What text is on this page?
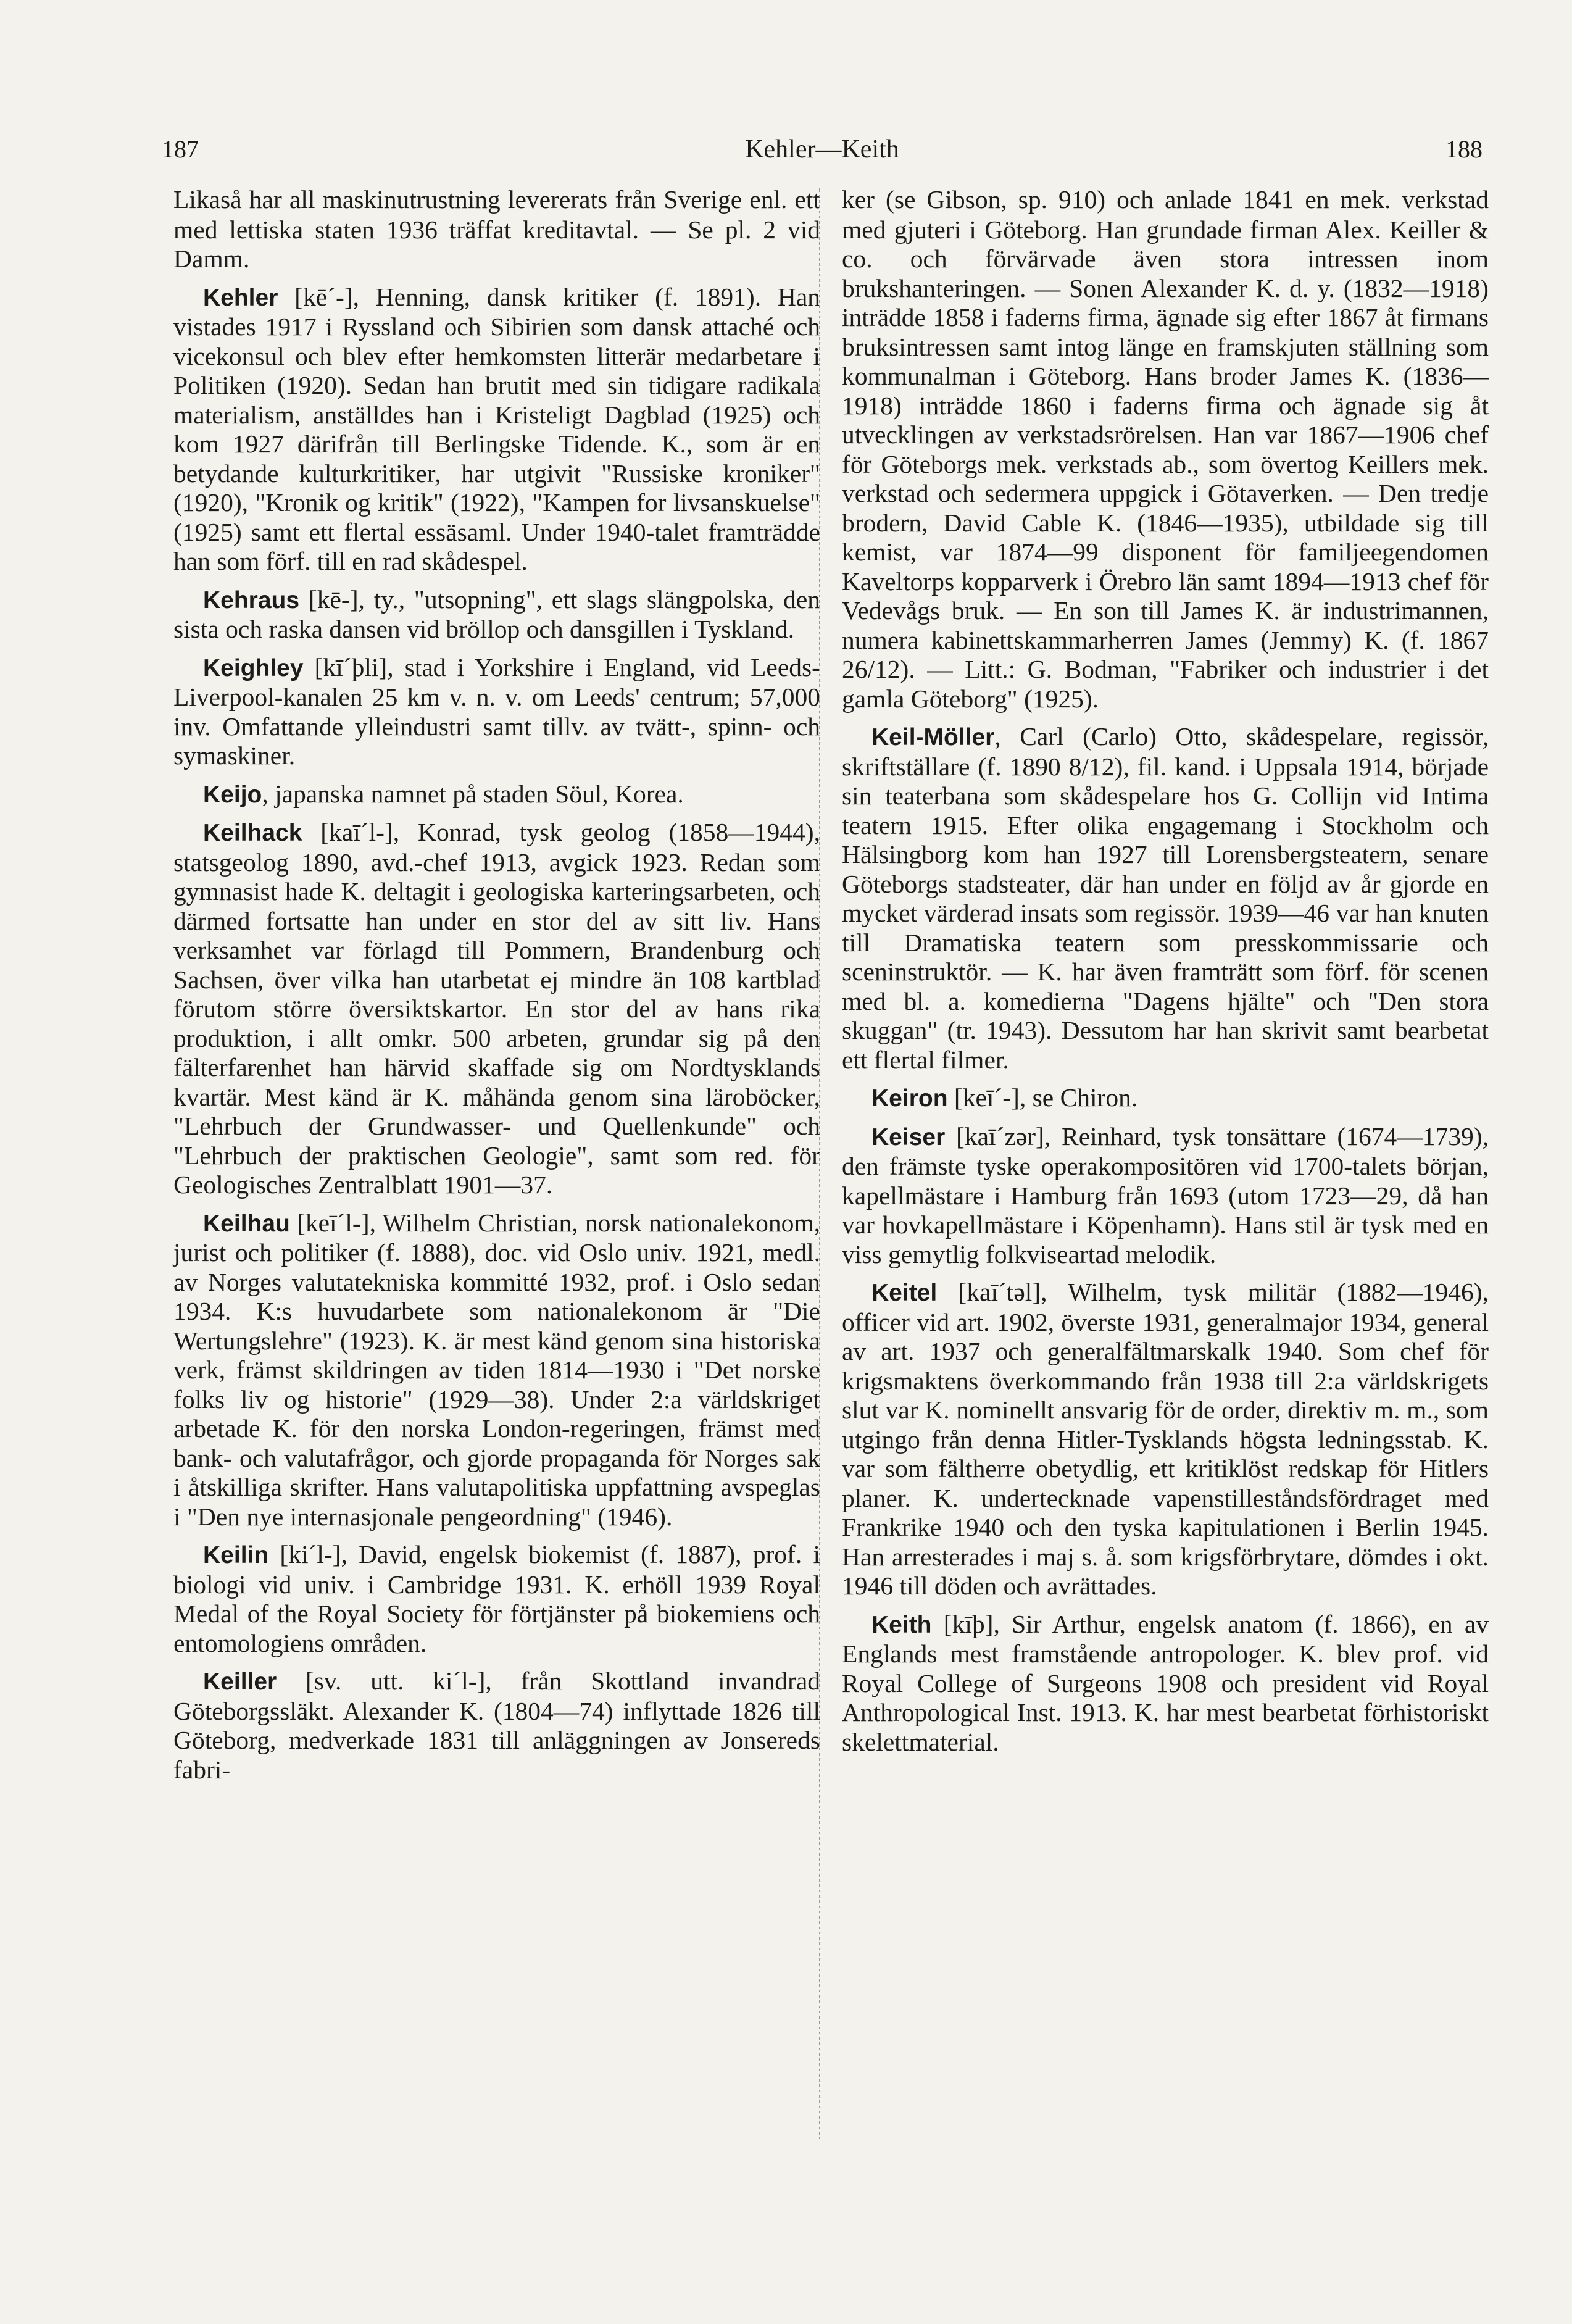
187	Kehler—Keith	188

Likaså har all maskinutrustning levererats från Sverige enl. ett med lettiska staten 1936 träffat kreditavtal. — Se pl. 2 vid Damm.

Kehler [kē´-], Henning, dansk kritiker (f. 1891). Han vistades 1917 i Ryssland och Sibirien som dansk attaché och vicekonsul och blev efter hemkomsten litterär medarbetare i Politiken (1920). Sedan han brutit med sin tidigare radikala materialism, anställdes han i Kristeligt Dagblad (1925) och kom 1927 därifrån till Berlingske Tidende. K., som är en betydande kulturkritiker, har utgivit "Russiske kroniker" (1920), "Kronik og kritik" (1922), "Kampen for livsanskuelse" (1925) samt ett flertal essäsaml. Under 1940-talet framträdde han som förf. till en rad skådespel.

Kehraus [kē-], ty., "utsopning", ett slags slängpolska, den sista och raska dansen vid bröllop och dansgillen i Tyskland.

Keighley [kī´þli], stad i Yorkshire i England, vid Leeds-Liverpool-kanalen 25 km v. n. v. om Leeds' centrum; 57,000 inv. Omfattande ylleindustri samt tillv. av tvätt-, spinn- och symaskiner.

Keijo, japanska namnet på staden Söul, Korea.

Keilhack [kaī´l-], Konrad, tysk geolog (1858—1944), statsgeolog 1890, avd.-chef 1913, avgick 1923. Redan som gymnasist hade K. deltagit i geologiska karteringsarbeten, och därmed fortsatte han under en stor del av sitt liv. Hans verksamhet var förlagd till Pommern, Brandenburg och Sachsen, över vilka han utarbetat ej mindre än 108 kartblad förutom större översiktskartor. En stor del av hans rika produktion, i allt omkr. 500 arbeten, grundar sig på den fälterfarenhet han härvid skaffade sig om Nordtysklands kvartär. Mest känd är K. måhända genom sina läroböcker, "Lehrbuch der Grundwasser- und Quellenkunde" och "Lehrbuch der praktischen Geologie", samt som red. för Geologisches Zentralblatt 1901—37.

Keilhau [keī´l-], Wilhelm Christian, norsk nationalekonom, jurist och politiker (f. 1888), doc. vid Oslo univ. 1921, medl. av Norges valutatekniska kommitté 1932, prof. i Oslo sedan 1934. K:s huvudarbete som nationalekonom är "Die Wertungslehre" (1923). K. är mest känd genom sina historiska verk, främst skildringen av tiden 1814—1930 i "Det norske folks liv og historie" (1929—38). Under 2:a världskriget arbetade K. för den norska London-regeringen, främst med bank- och valutafrågor, och gjorde propaganda för Norges sak i åtskilliga skrifter. Hans valutapolitiska uppfattning avspeglas i "Den nye internasjonale pengeordning" (1946).

Keilin [ki´l-], David, engelsk biokemist (f. 1887), prof. i biologi vid univ. i Cambridge 1931. K. erhöll 1939 Royal Medal of the Royal Society för förtjänster på biokemiens och entomologiens områden.

Keiller [sv. utt. ki´l-], från Skottland invandrad Göteborgssläkt. Alexander K. (1804—74) inflyttade 1826 till Göteborg, medverkade 1831 till anläggningen av Jonsereds fabri-

ker (se Gibson, sp. 910) och anlade 1841 en mek. verkstad med gjuteri i Göteborg. Han grundade firman Alex. Keiller & co. och förvärvade även stora intressen inom brukshanteringen. — Sonen Alexander K. d. y. (1832—1918) inträdde 1858 i faderns firma, ägnade sig efter 1867 åt firmans bruksintressen samt intog länge en framskjuten ställning som kommunalman i Göteborg. Hans broder James K. (1836—1918) inträdde 1860 i faderns firma och ägnade sig åt utvecklingen av verkstadsrörelsen. Han var 1867—1906 chef för Göteborgs mek. verkstads ab., som övertog Keillers mek. verkstad och sedermera uppgick i Götaverken. — Den tredje brodern, David Cable K. (1846—1935), utbildade sig till kemist, var 1874—99 disponent för familjeegendomen Kaveltorps kopparverk i Örebro län samt 1894—1913 chef för Vedevågs bruk. — En son till James K. är industrimannen, numera kabinettskammarherren James (Jemmy) K. (f. 1867 26/12). — Litt.: G. Bodman, "Fabriker och industrier i det gamla Göteborg" (1925).

Keil-Möller, Carl (Carlo) Otto, skådespelare, regissör, skriftställare (f. 1890 8/12), fil. kand. i Uppsala 1914, började sin teaterbana som skådespelare hos G. Collijn vid Intima teatern 1915. Efter olika engagemang i Stockholm och Hälsingborg kom han 1927 till Lorensbergsteatern, senare Göteborgs stadsteater, där han under en följd av år gjorde en mycket värderad insats som regissör. 1939—46 var han knuten till Dramatiska teatern som presskommissarie och sceninstruktör. — K. har även framträtt som förf. för scenen med bl. a. komedierna "Dagens hjälte" och "Den stora skuggan" (tr. 1943). Dessutom har han skrivit samt bearbetat ett flertal filmer.

Keiron [keī´-], se Chiron.

Keiser [kaī´zər], Reinhard, tysk tonsättare (1674—1739), den främste tyske operakompositören vid 1700-talets början, kapellmästare i Hamburg från 1693 (utom 1723—29, då han var hovkapellmästare i Köpenhamn). Hans stil är tysk med en viss gemytlig folkviseartad melodik.

Keitel [kaī´təl], Wilhelm, tysk militär (1882—1946), officer vid art. 1902, överste 1931, generalmajor 1934, general av art. 1937 och generalfältmarskalk 1940. Som chef för krigsmaktens överkommando från 1938 till 2:a världskrigets slut var K. nominellt ansvarig för de order, direktiv m. m., som utgingo från denna Hitler-Tysklands högsta ledningsstab. K. var som fältherre obetydlig, ett kritiklöst redskap för Hitlers planer. K. undertecknade vapenstilleståndsfördraget med Frankrike 1940 och den tyska kapitulationen i Berlin 1945. Han arresterades i maj s. å. som krigsförbrytare, dömdes i okt. 1946 till döden och avrättades.

Keith [kīþ], Sir Arthur, engelsk anatom (f. 1866), en av Englands mest framstående antropologer. K. blev prof. vid Royal College of Surgeons 1908 och president vid Royal Anthropological Inst. 1913. K. har mest bearbetat förhistoriskt skelettmaterial.
